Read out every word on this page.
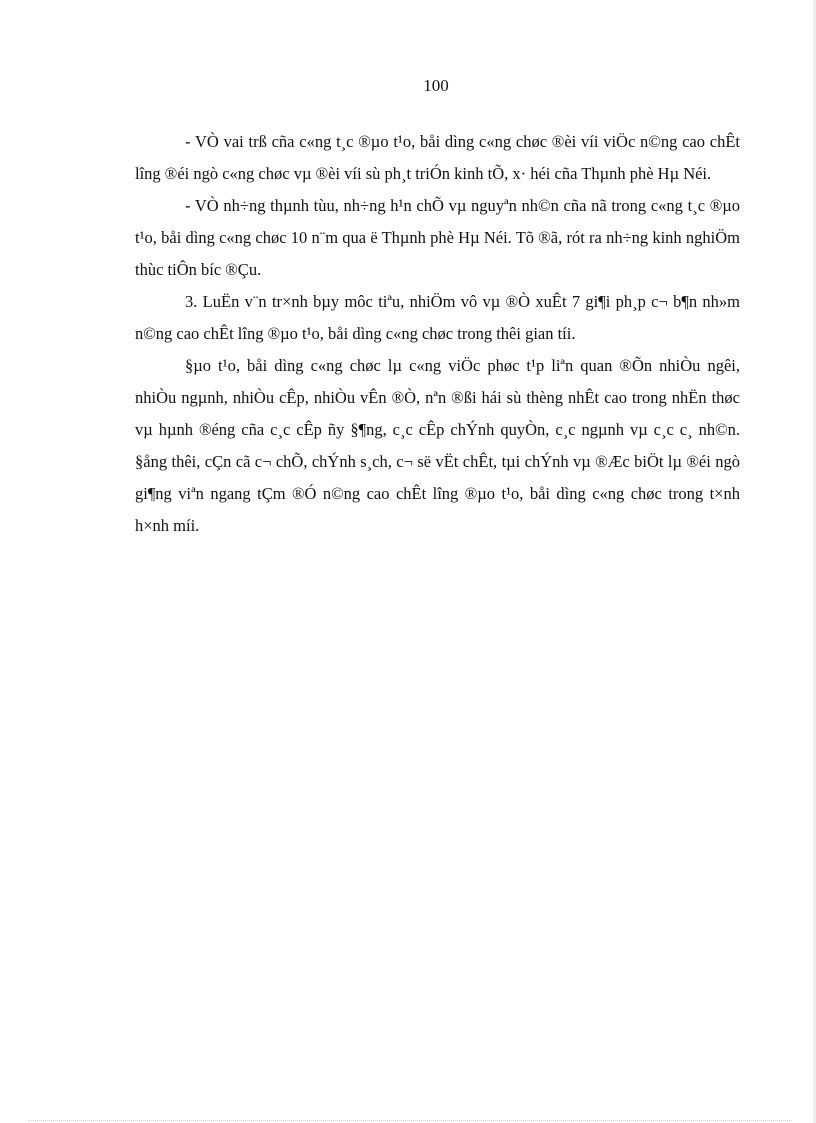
100

- VÒ vai trß cña c«ng t¸c ®µo t¹o, båi dìng c«ng chøc ®èi víi viÖc n©ng cao chÊt lîng ®éi ngò c«ng chøc vµ ®èi víi sù ph¸t triÓn kinh tÕ, x· héi cña Thµnh phè Hµ Néi.

- VÒ nh÷ng thµnh tùu, nh÷ng h¹n chÕ vµ nguyªn nh©n cña nã trong c«ng t¸c ®µo t¹o, båi dìng c«ng chøc 10 n¨m qua ë Thµnh phè Hµ Néi. Tõ ®ã, rót ra nh÷ng kinh nghiÖm thùc tiÔn bíc ®Çu.

3. LuËn v¨n tr×nh bµy môc tiªu, nhiÖm vô vµ ®Ò xuÊt 7 gi¶i ph¸p c¬ b¶n nh»m n©ng cao chÊt lîng ®µo t¹o, båi dìng c«ng chøc trong thêi gian tíi.

§µo t¹o, båi dìng c«ng chøc lµ c«ng viÖc phøc t¹p liªn quan ®Õn nhiÒu ngêi, nhiÒu ngµnh, nhiÒu cÊp, nhiÒu vÊn ®Ò, nªn ®ßi hái sù thèng nhÊt cao trong nhËn thøc vµ hµnh ®éng cña c¸c cÊp ñy §¶ng, c¸c cÊp chÝnh quyÒn, c¸c ngµnh vµ c¸c c¸ nh©n. §ång thêi, cÇn cã c¬ chÕ, chÝnh s¸ch, c¬ së vËt chÊt, tµi chÝnh vµ ®Æc biÖt lµ ®éi ngò gi¶ng viªn ngang tÇm ®Ó n©ng cao chÊt lîng ®µo t¹o, båi dìng c«ng chøc trong t×nh h×nh míi.
